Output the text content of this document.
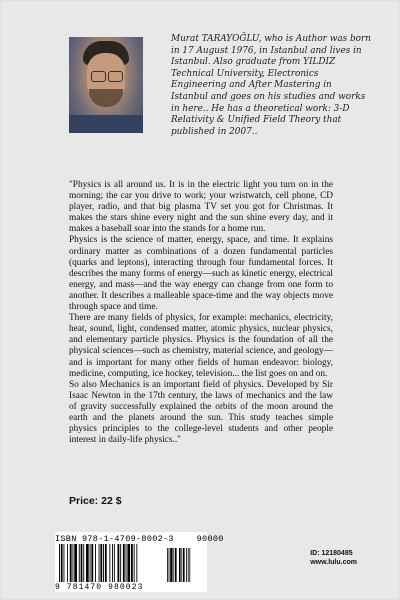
Murat TARAYOĞLU, who is Author was born in 17 August 1976, in Istanbul and lives in Istanbul. Also graduate from YILDIZ Technical University, Electronics Engineering and After Mastering in Istanbul and goes on his studies and works in here.. He has a theoretical work: 3-D Relativity & Unified Field Theory that published in 2007..

"Physics is all around us. It is in the electric light you turn on in the morning; the car you drive to work; your wristwatch, cell phone, CD player, radio, and that big plasma TV set you got for Christmas. It makes the stars shine every night and the sun shine every day, and it makes a baseball soar into the stands for a home run.

Physics is the science of matter, energy, space, and time. It explains ordinary matter as combinations of a dozen fundamental particles (quarks and leptons), interacting through four fundamental forces. It describes the many forms of energy—such as kinetic energy, electrical energy, and mass—and the way energy can change from one form to another. It describes a malleable space-time and the way objects move through space and time.

There are many fields of physics, for example: mechanics, electricity, heat, sound, light, condensed matter, atomic physics, nuclear physics, and elementary particle physics. Physics is the foundation of all the physical sciences—such as chemistry, material science, and geology—and is important for many other fields of human endeavor: biology, medicine, computing, ice hockey, television... the list goes on and on.

So also Mechanics is an important field of physics. Developed by Sir Isaac Newton in the 17th century, the laws of mechanics and the law of gravity successfully explained the orbits of the moon around the earth and the planets around the sun. This study teaches simple physics principles to the college-level students and other people interest in daily-life physics.."

Price: 22 $
ISBN 978-1-4709-8002-3	90000
9 781470 980023
ID: 12180485
www.lulu.com
